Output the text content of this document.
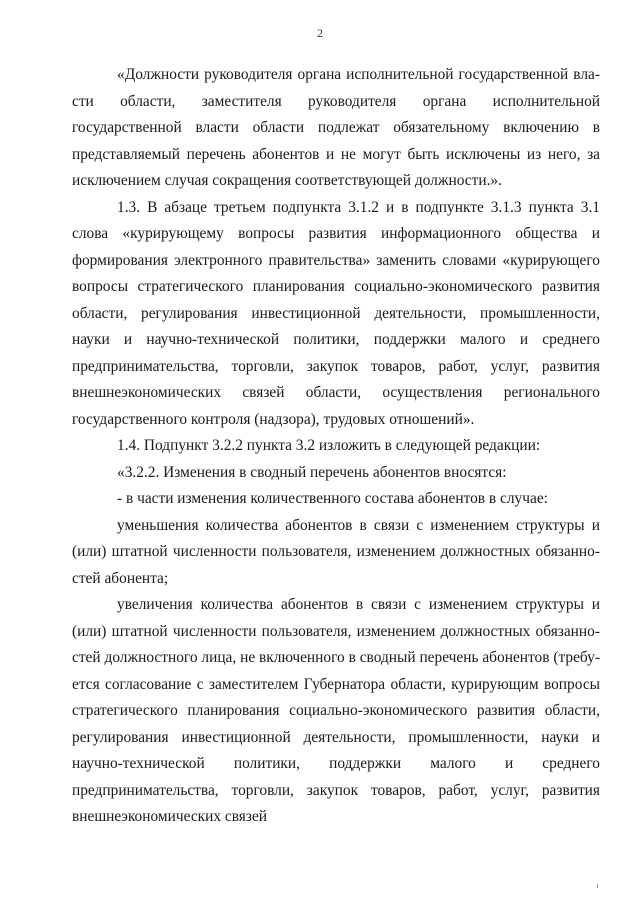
2

«Должности руководителя органа исполнительной государственной власти области, заместителя руководителя органа исполнительной государственной власти области подлежат обязательному включению в представляемый перечень абонентов и не могут быть исключены из него, за исключением случая сокращения соответствующей должности.».

1.3. В абзаце третьем подпункта 3.1.2 и в подпункте 3.1.3 пункта 3.1 слова «курирующему вопросы развития информационного общества и формирования электронного правительства» заменить словами «курирующего вопросы стратегического планирования социально-экономического развития области, регулирования инвестиционной деятельности, промышленности, науки и научно-технической политики, поддержки малого и среднего предпринимательства, торговли, закупок товаров, работ, услуг, развития внешнеэкономических связей области, осуществления регионального государственного контроля (надзора), трудовых отношений».

1.4. Подпункт 3.2.2 пункта 3.2 изложить в следующей редакции:

«3.2.2. Изменения в сводный перечень абонентов вносятся:

- в части изменения количественного состава абонентов в случае:

уменьшения количества абонентов в связи с изменением структуры и (или) штатной численности пользователя, изменением должностных обязанностей абонента;

увеличения количества абонентов в связи с изменением структуры и (или) штатной численности пользователя, изменением должностных обязанностей должностного лица, не включенного в сводный перечень абонентов (требуется согласование с заместителем Губернатора области, курирующим вопросы стратегического планирования социально-экономического развития области, регулирования инвестиционной деятельности, промышленности, науки и научно-технической политики, поддержки малого и среднего предпринимательства, торговли, закупок товаров, работ, услуг, развития внешнеэкономических связей
